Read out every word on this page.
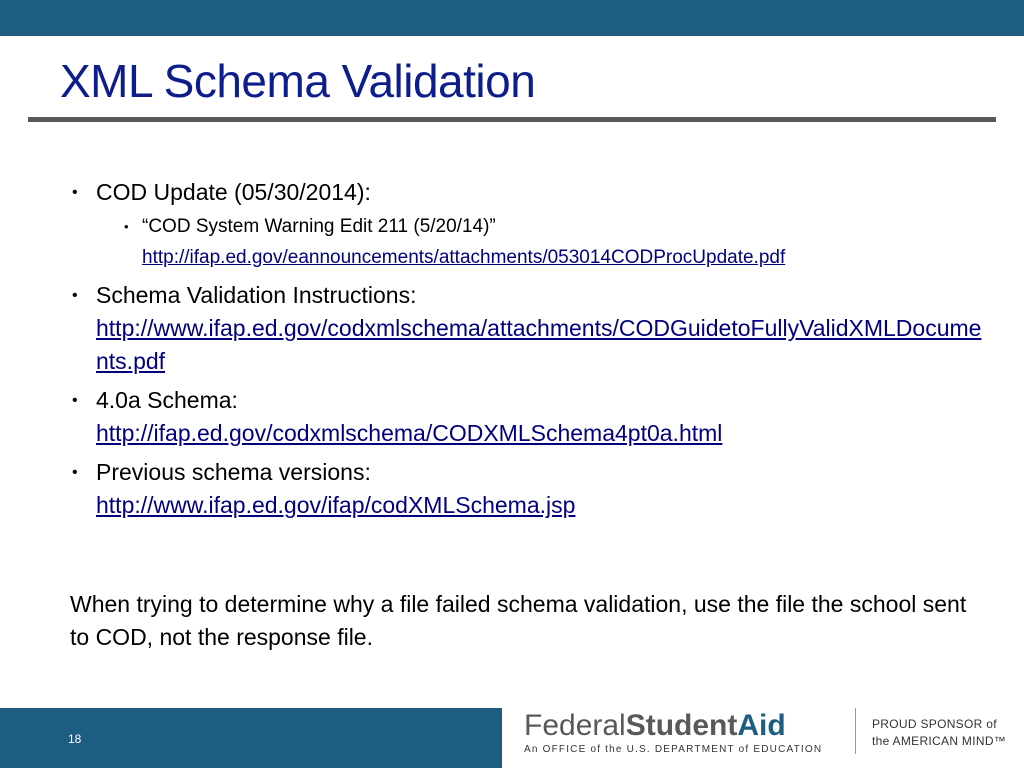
XML Schema Validation
• COD Update (05/30/2014):
• “COD System Warning Edit 211 (5/20/14)”
http://ifap.ed.gov/eannouncements/attachments/053014CODProcUpdate.pdf
• Schema Validation Instructions:
http://www.ifap.ed.gov/codxmlschema/attachments/CODGuidetoFullyValidXMLDocuments.pdf
• 4.0a Schema:
http://ifap.ed.gov/codxmlschema/CODXMLSchema4pt0a.html
• Previous schema versions:
http://www.ifap.ed.gov/ifap/codXMLSchema.jsp

When trying to determine why a file failed schema validation, use the file the school sent to COD, not the response file.

18	FederalStudentAid
An OFFICE of the U.S. DEPARTMENT of EDUCATION
PROUD SPONSOR of
the AMERICAN MIND™
